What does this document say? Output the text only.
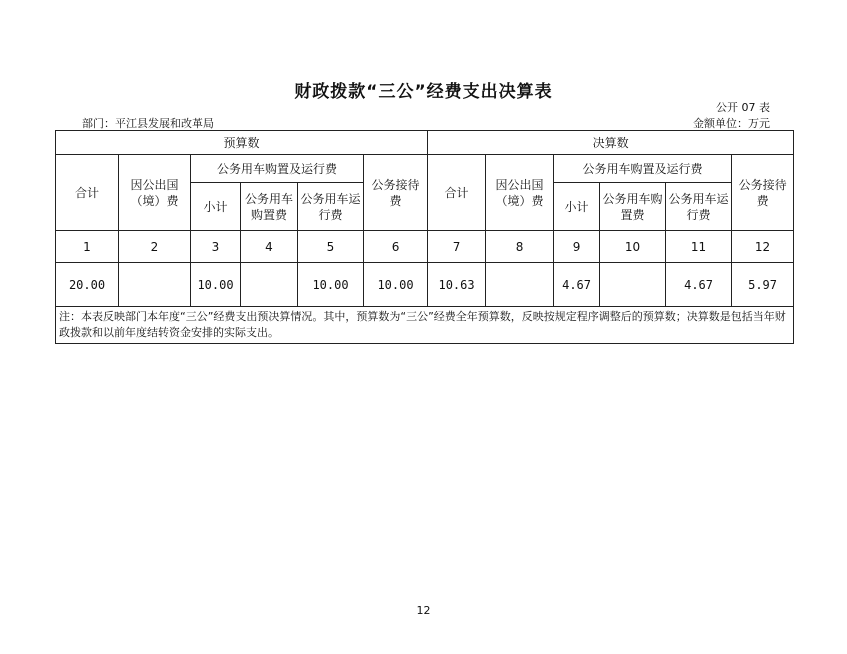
财政拨款“三公”经费支出决算表
公开 07 表
部门：平江县发展和改革局	金额单位：万元
预算数						决算数					
合计	因公出国（境）费	公务用车购置及运行费			公务接待费	合计	因公出国（境）费	公务用车购置及运行费			公务接待费
		小计	公务用车购置费	公务用车运行费				小计	公务用车购置费	公务用车运行费	
1	2	3	4	5	6	7	8	9	10	11	12
20.00		10.00		10.00	10.00	10.63		4.67		4.67	5.97
注：本表反映部门本年度“三公”经费支出预决算情况。其中，预算数为“三公”经费全年预算数，反映按规定程序调整后的预算数；决算数是包括当年财政拨款和以前年度结转资金安排的实际支出。											
12
